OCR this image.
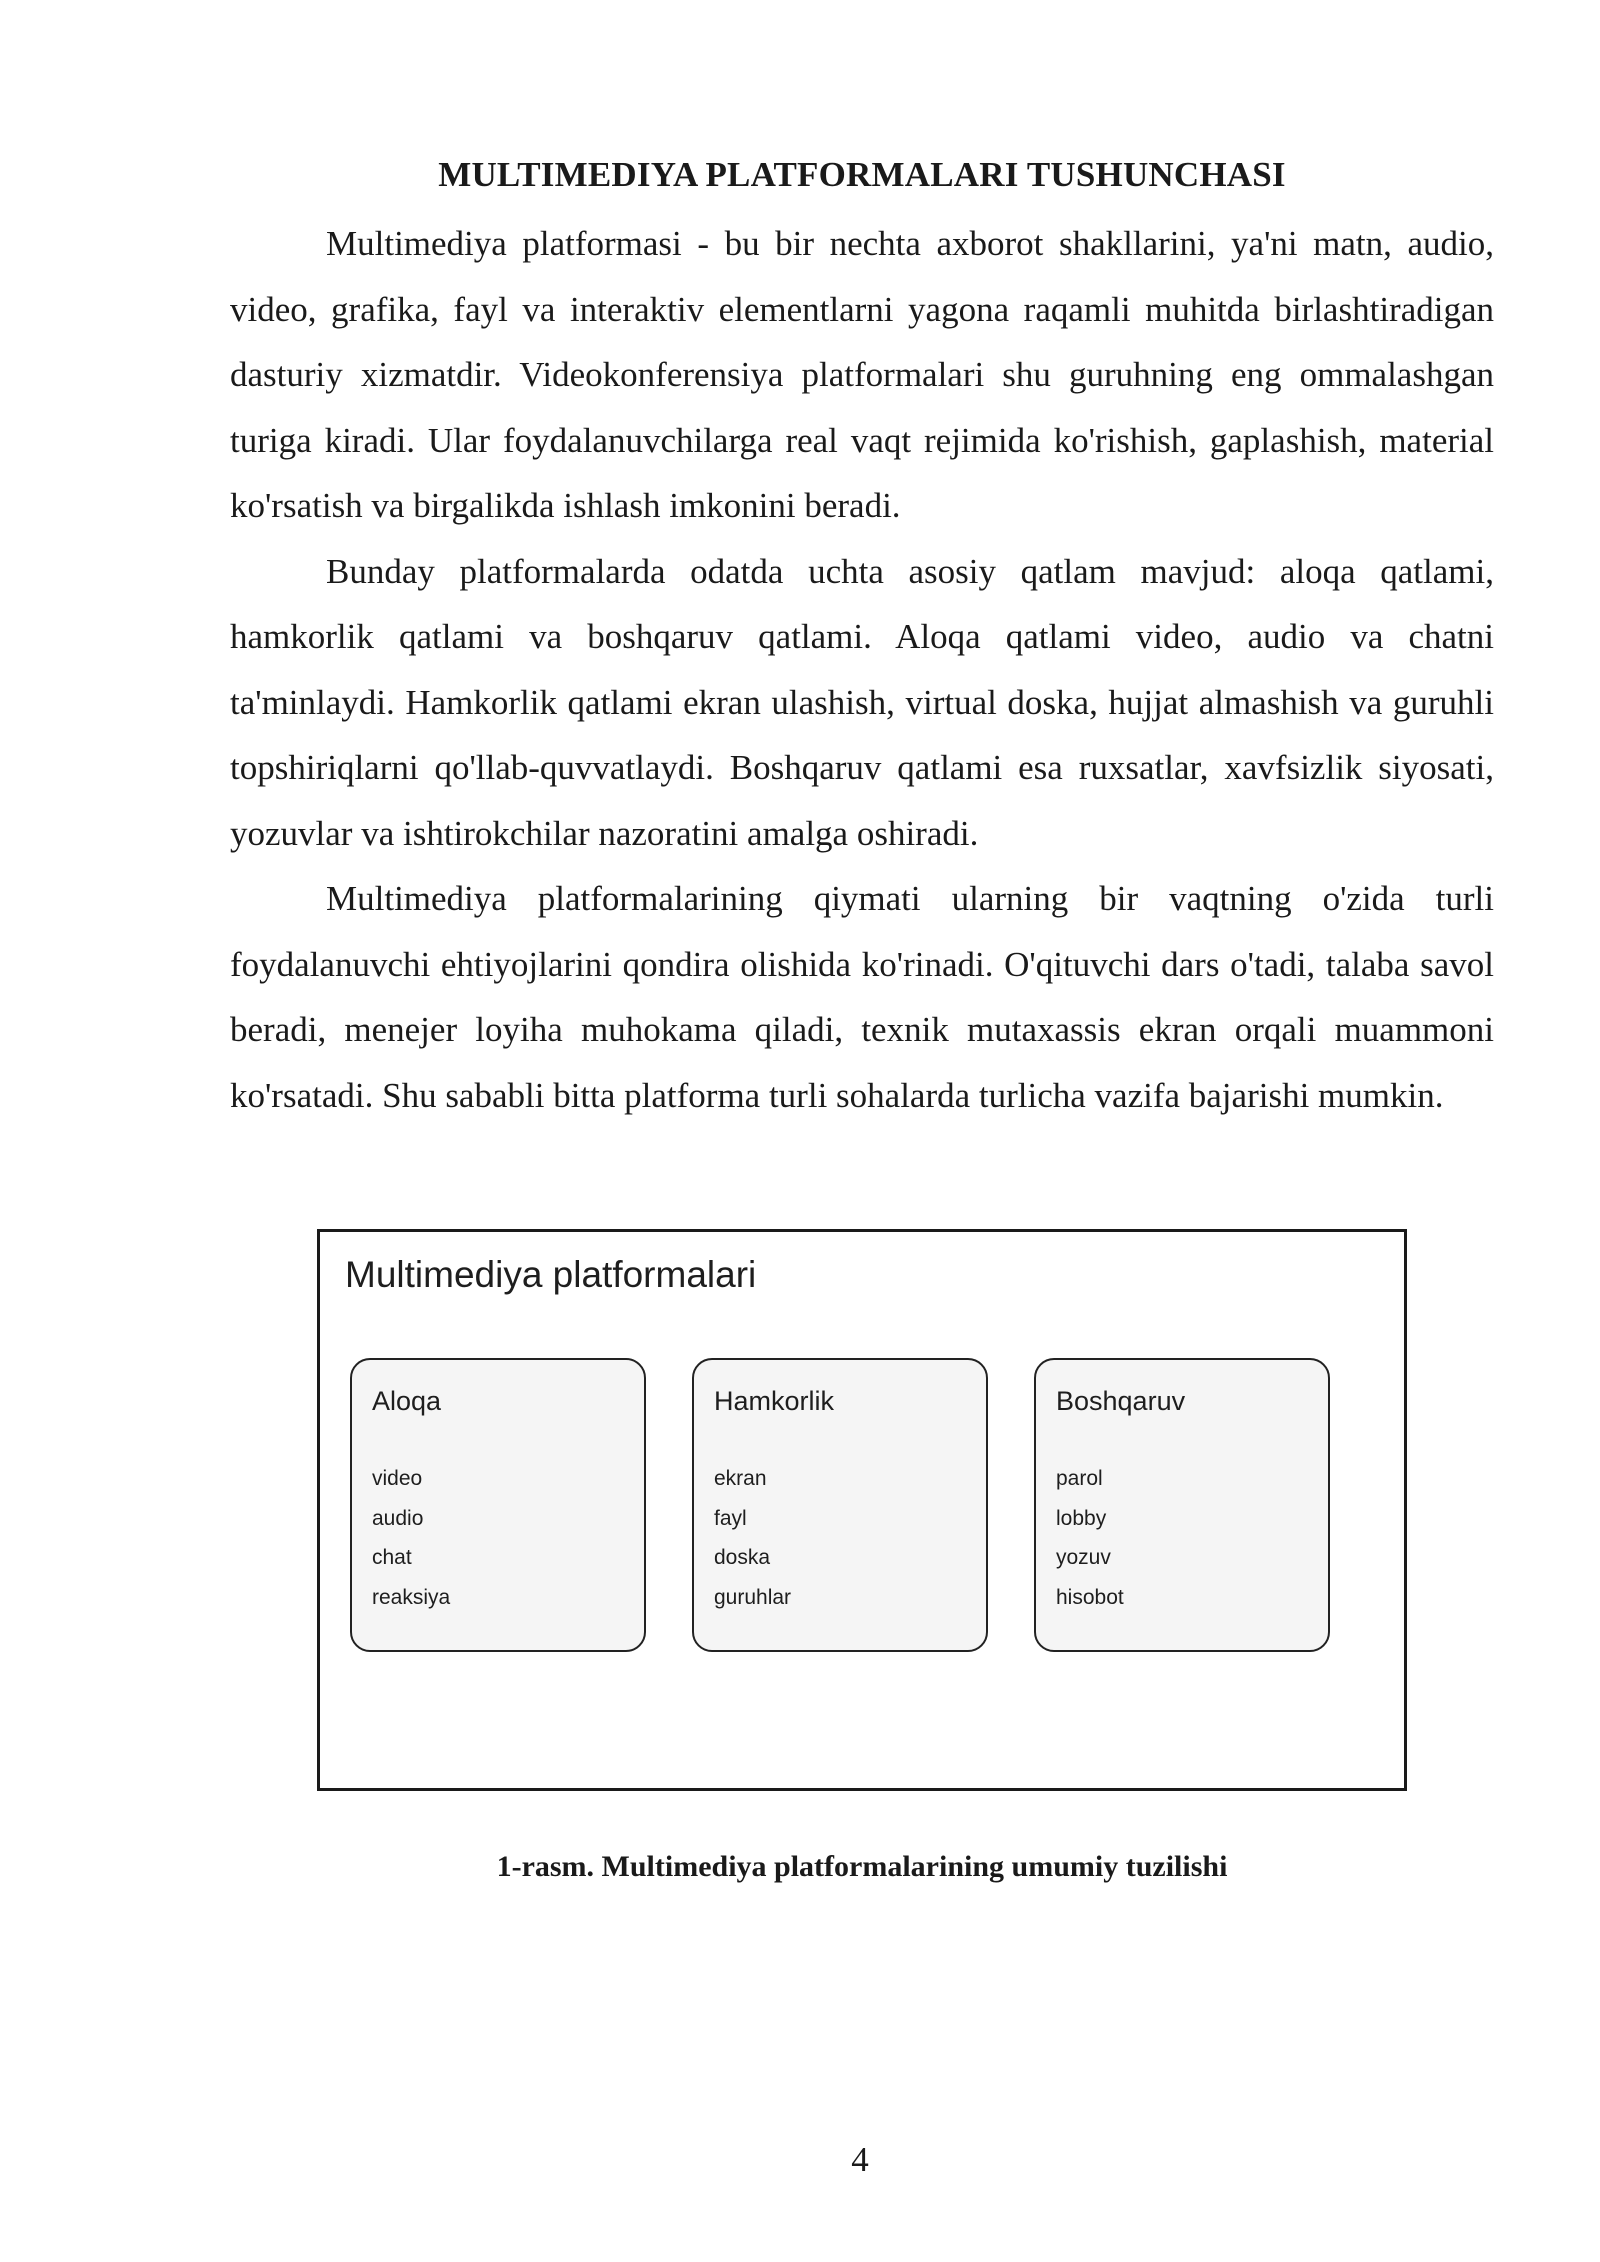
MULTIMEDIYA PLATFORMALARI TUSHUNCHASI

Multimediya platformasi - bu bir nechta axborot shakllarini, ya'ni matn, audio, video, grafika, fayl va interaktiv elementlarni yagona raqamli muhitda birlashtiradigan dasturiy xizmatdir. Videokonferensiya platformalari shu guruhning eng ommalashgan turiga kiradi. Ular foydalanuvchilarga real vaqt rejimida ko'rishish, gaplashish, material ko'rsatish va birgalikda ishlash imkonini beradi.

Bunday platformalarda odatda uchta asosiy qatlam mavjud: aloqa qatlami, hamkorlik qatlami va boshqaruv qatlami. Aloqa qatlami video, audio va chatni ta'minlaydi. Hamkorlik qatlami ekran ulashish, virtual doska, hujjat almashish va guruhli topshiriqlarni qo'llab-quvvatlaydi. Boshqaruv qatlami esa ruxsatlar, xavfsizlik siyosati, yozuvlar va ishtirokchilar nazoratini amalga oshiradi.

Multimediya platformalarining qiymati ularning bir vaqtning o'zida turli foydalanuvchi ehtiyojlarini qondira olishida ko'rinadi. O'qituvchi dars o'tadi, talaba savol beradi, menejer loyiha muhokama qiladi, texnik mutaxassis ekran orqali muammoni ko'rsatadi. Shu sababli bitta platforma turli sohalarda turlicha vazifa bajarishi mumkin.

Multimediya platformalari
Aloqa
video
audio
chat
reaksiya
Hamkorlik
ekran
fayl
doska
guruhlar
Boshqaruv
parol
lobby
yozuv
hisobot
1-rasm. Multimediya platformalarining umumiy tuzilishi
4
